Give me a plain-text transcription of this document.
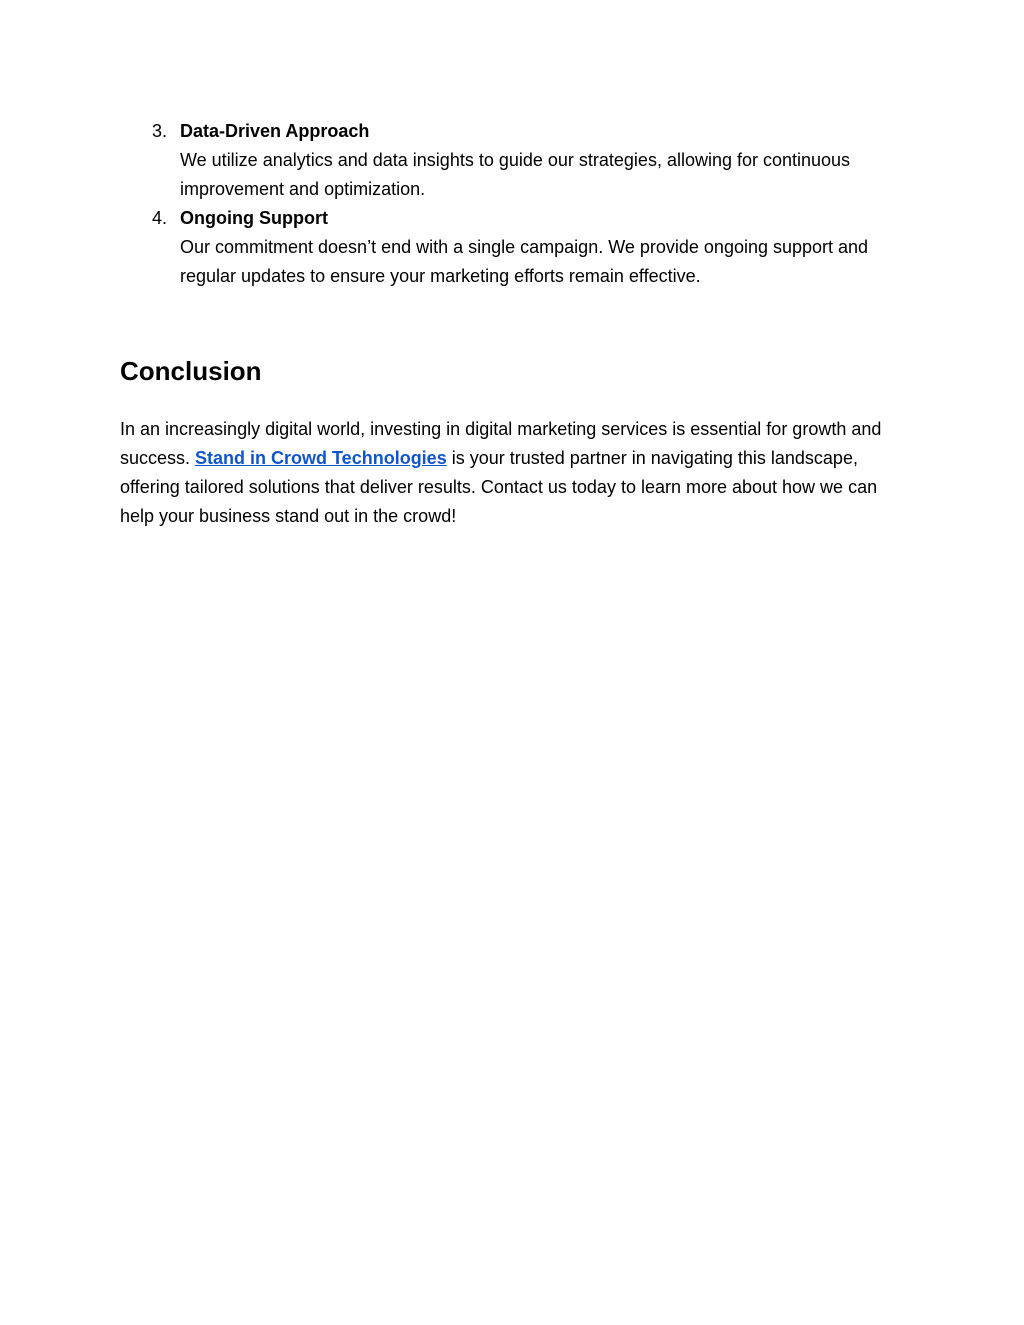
3. Data-Driven Approach
We utilize analytics and data insights to guide our strategies, allowing for continuous improvement and optimization.
4. Ongoing Support
Our commitment doesn’t end with a single campaign. We provide ongoing support and regular updates to ensure your marketing efforts remain effective.
Conclusion

In an increasingly digital world, investing in digital marketing services is essential for growth and success. Stand in Crowd Technologies is your trusted partner in navigating this landscape, offering tailored solutions that deliver results. Contact us today to learn more about how we can help your business stand out in the crowd!
